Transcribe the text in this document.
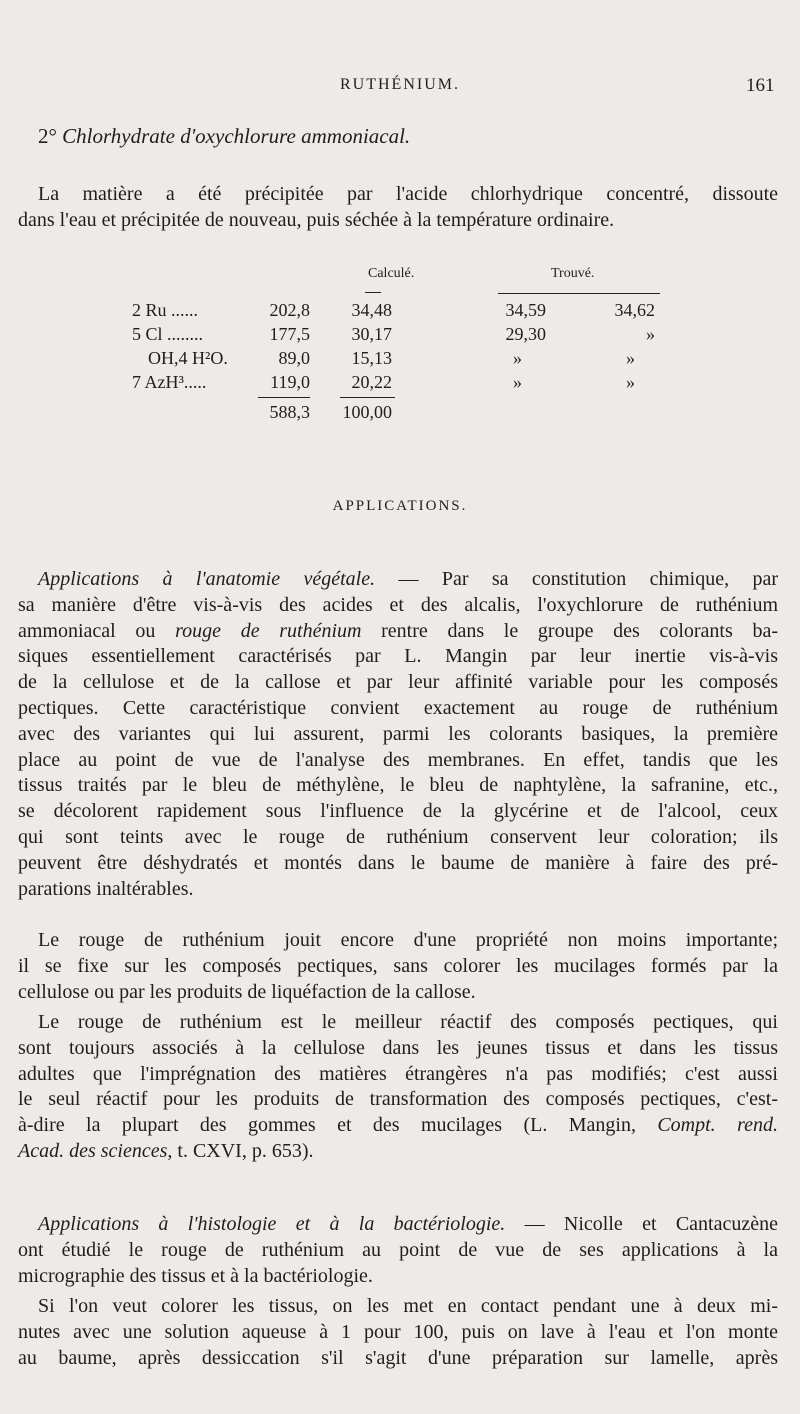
RUTHÉNIUM.	161
2° Chlorhydrate d'oxychlorure ammoniacal.

La matière a été précipitée par l'acide chlorhydrique concentré, dissoute
dans l'eau et précipitée de nouveau, puis séchée à la température ordinaire.

Calculé.	Trouvé.
2 Ru ......	202,8	34,48	34,59	34,62
5 Cl ........	177,5	30,17	29,30	»
OH,4 H²O.	89,0	15,13	»	»
7 AzH³.....	119,0	20,22	»	»
588,3	100,00
APPLICATIONS.

Applications à l'anatomie végétale. — Par sa constitution chimique, par
sa manière d'être vis-à-vis des acides et des alcalis, l'oxychlorure de ruthénium
ammoniacal ou rouge de ruthénium rentre dans le groupe des colorants ba-
siques essentiellement caractérisés par L. Mangin par leur inertie vis-à-vis
de la cellulose et de la callose et par leur affinité variable pour les composés
pectiques. Cette caractéristique convient exactement au rouge de ruthénium
avec des variantes qui lui assurent, parmi les colorants basiques, la première
place au point de vue de l'analyse des membranes. En effet, tandis que les
tissus traités par le bleu de méthylène, le bleu de naphtylène, la safranine, etc.,
se décolorent rapidement sous l'influence de la glycérine et de l'alcool, ceux
qui sont teints avec le rouge de ruthénium conservent leur coloration; ils
peuvent être déshydratés et montés dans le baume de manière à faire des pré-
parations inaltérables.

Le rouge de ruthénium jouit encore d'une propriété non moins importante;
il se fixe sur les composés pectiques, sans colorer les mucilages formés par la
cellulose ou par les produits de liquéfaction de la callose.

Le rouge de ruthénium est le meilleur réactif des composés pectiques, qui
sont toujours associés à la cellulose dans les jeunes tissus et dans les tissus
adultes que l'imprégnation des matières étrangères n'a pas modifiés; c'est aussi
le seul réactif pour les produits de transformation des composés pectiques, c'est-
à-dire la plupart des gommes et des mucilages (L. Mangin, Compt. rend.
Acad. des sciences, t. CXVI, p. 653).

Applications à l'histologie et à la bactériologie. — Nicolle et Cantacuzène
ont étudié le rouge de ruthénium au point de vue de ses applications à la
micrographie des tissus et à la bactériologie.

Si l'on veut colorer les tissus, on les met en contact pendant une à deux mi-
nutes avec une solution aqueuse à 1 pour 100, puis on lave à l'eau et l'on monte
au baume, après dessiccation s'il s'agit d'une préparation sur lamelle, après
